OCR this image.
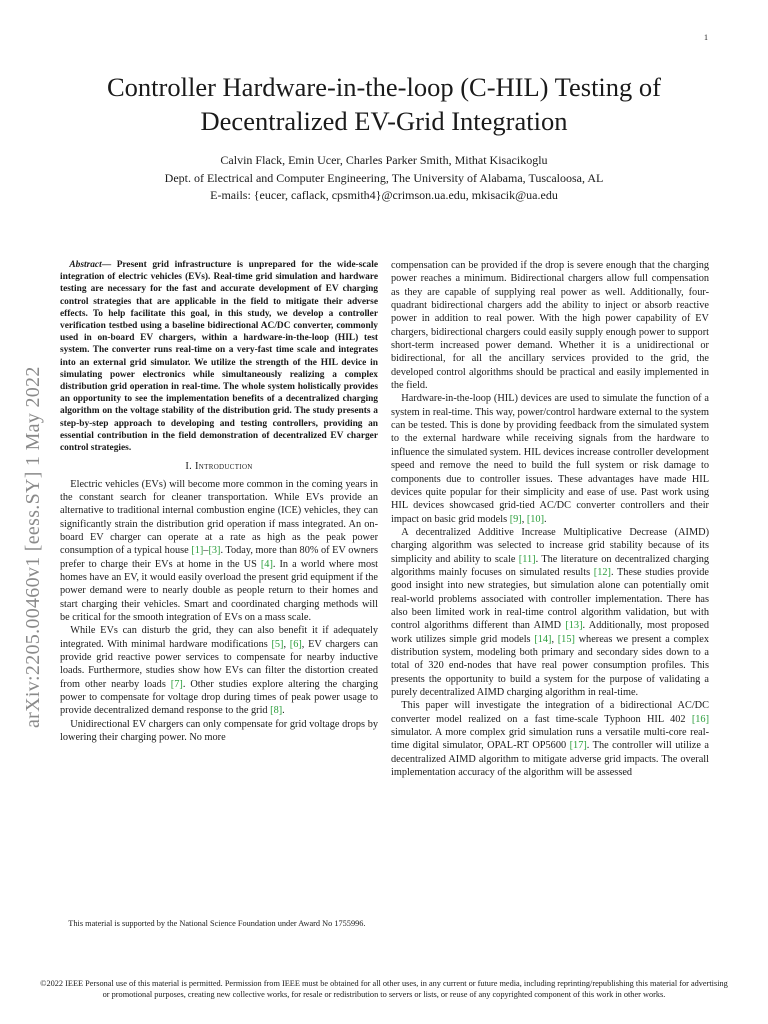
1
arXiv:2205.00460v1 [eess.SY] 1 May 2022
Controller Hardware-in-the-loop (C-HIL) Testing of
Decentralized EV-Grid Integration
Calvin Flack, Emin Ucer, Charles Parker Smith, Mithat Kisacikoglu
Dept. of Electrical and Computer Engineering, The University of Alabama, Tuscaloosa, AL
E-mails: {eucer, caflack, cpsmith4}@crimson.ua.edu, mkisacik@ua.edu

Abstract— Present grid infrastructure is unprepared for the wide-scale integration of electric vehicles (EVs). Real-time grid simulation and hardware testing are necessary for the fast and accurate development of EV charging control strategies that are applicable in the field to mitigate their adverse effects. To help facilitate this goal, in this study, we develop a controller verification testbed using a baseline bidirectional AC/DC converter, commonly used in on-board EV chargers, within a hardware-in-the-loop (HIL) test system. The converter runs real-time on a very-fast time scale and integrates into an external grid simulator. We utilize the strength of the HIL device in simulating power electronics while simultaneously realizing a complex distribution grid operation in real-time. The whole system holistically provides an opportunity to see the implementation benefits of a decentralized charging algorithm on the voltage stability of the distribution grid. The study presents a step-by-step approach to developing and testing controllers, providing an essential contribution in the field demonstration of decentralized EV charger control strategies.

I. Introduction

Electric vehicles (EVs) will become more common in the coming years in the constant search for cleaner transportation. While EVs provide an alternative to traditional internal combustion engine (ICE) vehicles, they can significantly strain the distribution grid operation if mass integrated. An on-board EV charger can operate at a rate as high as the peak power consumption of a typical house [1]–[3]. Today, more than 80% of EV owners prefer to charge their EVs at home in the US [4]. In a world where most homes have an EV, it would easily overload the present grid equipment if the power demand were to nearly double as people return to their homes and start charging their vehicles. Smart and coordinated charging methods will be critical for the smooth integration of EVs on a mass scale.

While EVs can disturb the grid, they can also benefit it if adequately integrated. With minimal hardware modifications [5], [6], EV chargers can provide grid reactive power services to compensate for nearby inductive loads. Furthermore, studies show how EVs can filter the distortion created from other nearby loads [7]. Other studies explore altering the charging power to compensate for voltage drop during times of peak power usage to provide decentralized demand response to the grid [8].

Unidirectional EV chargers can only compensate for grid voltage drops by lowering their charging power. No more

This material is supported by the National Science Foundation under Award No 1755996.

compensation can be provided if the drop is severe enough that the charging power reaches a minimum. Bidirectional chargers allow full compensation as they are capable of supplying real power as well. Additionally, four-quadrant bidirectional chargers add the ability to inject or absorb reactive power in addition to real power. With the high power capability of EV chargers, bidirectional chargers could easily supply enough power to support short-term increased power demand. Whether it is a unidirectional or bidirectional, for all the ancillary services provided to the grid, the developed control algorithms should be practical and easily implemented in the field.

Hardware-in-the-loop (HIL) devices are used to simulate the function of a system in real-time. This way, power/control hardware external to the system can be tested. This is done by providing feedback from the simulated system to the external hardware while receiving signals from the hardware to influence the simulated system. HIL devices increase controller development speed and remove the need to build the full system or risk damage to components due to controller issues. These advantages have made HIL devices quite popular for their simplicity and ease of use. Past work using HIL devices showcased grid-tied AC/DC converter controllers and their impact on basic grid models [9], [10].

A decentralized Additive Increase Multiplicative Decrease (AIMD) charging algorithm was selected to increase grid stability because of its simplicity and ability to scale [11]. The literature on decentralized charging algorithms mainly focuses on simulated results [12]. These studies provide good insight into new strategies, but simulation alone can potentially omit real-world problems associated with controller implementation. There has also been limited work in real-time control algorithm validation, but with control algorithms different than AIMD [13]. Additionally, most proposed work utilizes simple grid models [14], [15] whereas we present a complex distribution system, modeling both primary and secondary sides down to a total of 320 end-nodes that have real power consumption profiles. This presents the opportunity to build a system for the purpose of validating a purely decentralized AIMD charging algorithm in real-time.

This paper will investigate the integration of a bidirectional AC/DC converter model realized on a fast time-scale Typhoon HIL 402 [16] simulator. A more complex grid simulation runs a versatile multi-core real-time digital simulator, OPAL-RT OP5600 [17]. The controller will utilize a decentralized AIMD algorithm to mitigate adverse grid impacts. The overall implementation accuracy of the algorithm will be assessed

©2022 IEEE Personal use of this material is permitted. Permission from IEEE must be obtained for all other uses, in any current or future media, including reprinting/republishing this material for advertising or promotional purposes, creating new collective works, for resale or redistribution to servers or lists, or reuse of any copyrighted component of this work in other works.
